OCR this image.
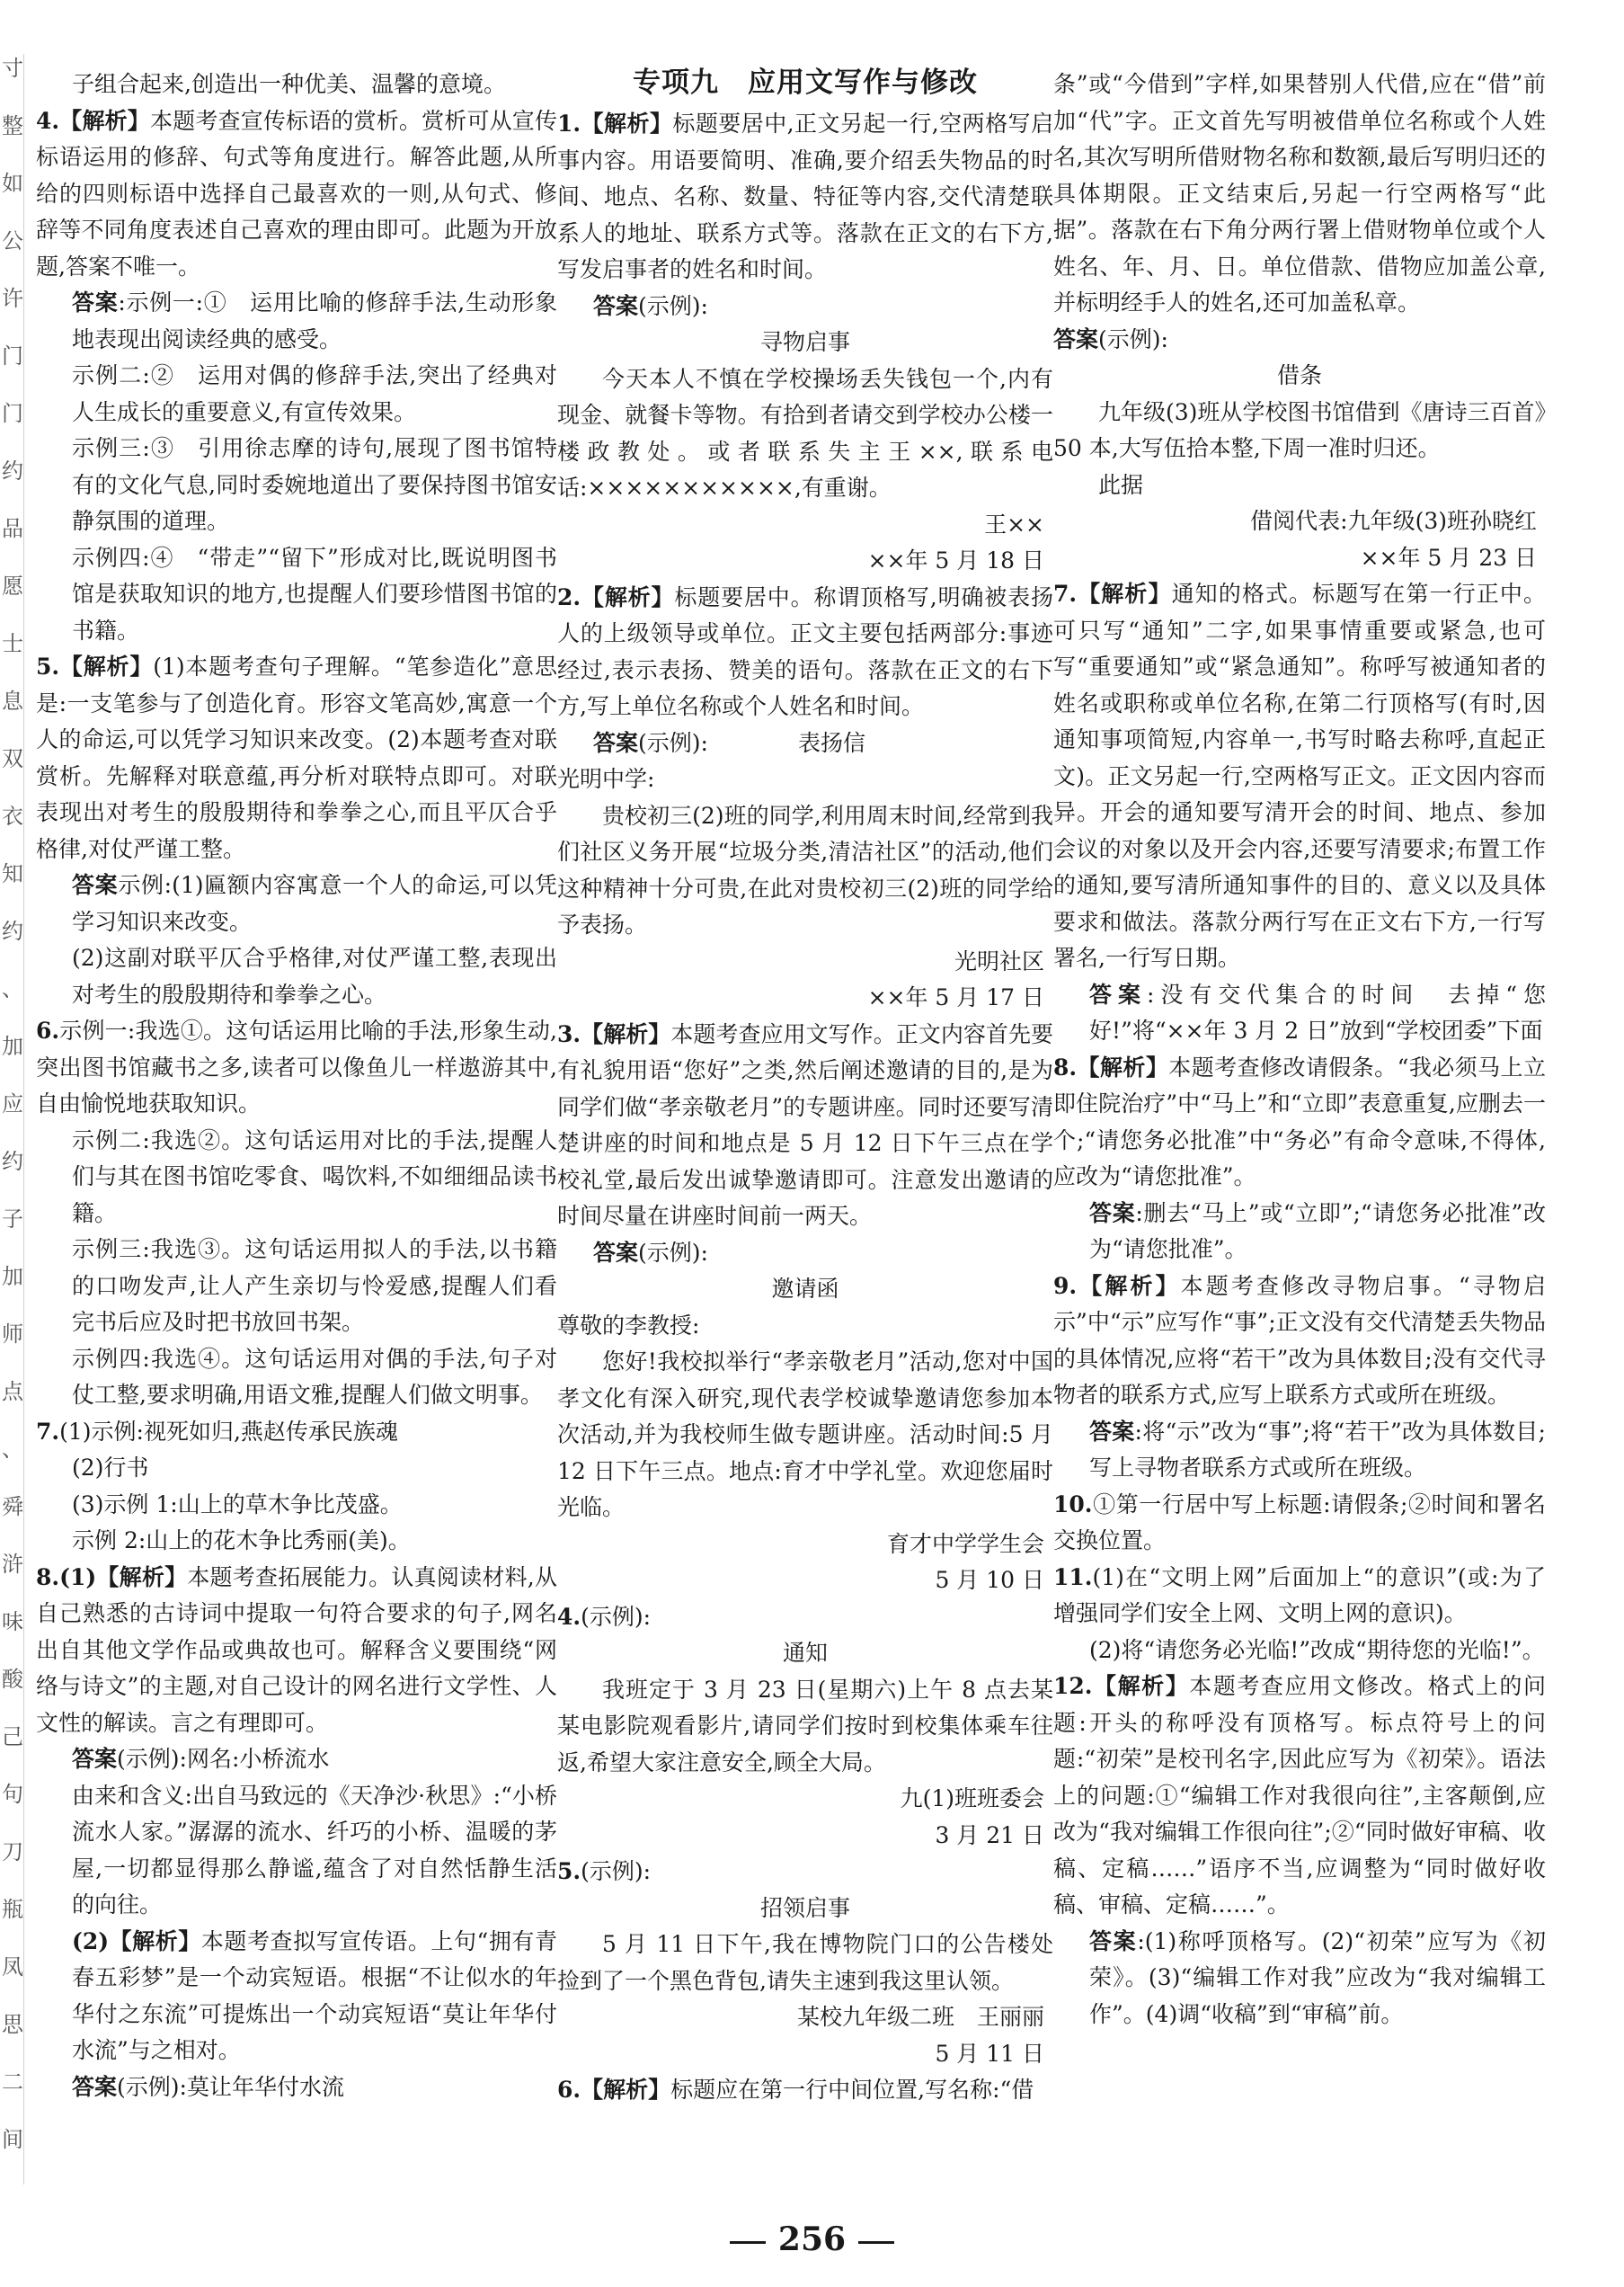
寸
整
如
公
许
门
门
约
品
愿
士
息
双
衣
知
约
、
加
应
约
子
加
师
点
、
舜
浒
味
酸
己
句
刀
瓶
凤
思
二
间
子组合起来,创造出一种优美、温馨的意境。
4.【解析】本题考查宣传标语的赏析。赏析可从宣传标语运用的修辞、句式等角度进行。解答此题,从所给的四则标语中选择自己最喜欢的一则,从句式、修辞等不同角度表述自己喜欢的理由即可。此题为开放题,答案不唯一。
答案:示例一:①　运用比喻的修辞手法,生动形象地表现出阅读经典的感受。
示例二:②　运用对偶的修辞手法,突出了经典对人生成长的重要意义,有宣传效果。
示例三:③　引用徐志摩的诗句,展现了图书馆特有的文化气息,同时委婉地道出了要保持图书馆安静氛围的道理。
示例四:④　“带走”“留下”形成对比,既说明图书馆是获取知识的地方,也提醒人们要珍惜图书馆的书籍。
5.【解析】(1)本题考查句子理解。“笔参造化”意思是:一支笔参与了创造化育。形容文笔高妙,寓意一个人的命运,可以凭学习知识来改变。(2)本题考查对联赏析。先解释对联意蕴,再分析对联特点即可。对联表现出对考生的殷殷期待和拳拳之心,而且平仄合乎格律,对仗严谨工整。
答案示例:(1)匾额内容寓意一个人的命运,可以凭学习知识来改变。
(2)这副对联平仄合乎格律,对仗严谨工整,表现出对考生的殷殷期待和拳拳之心。
6.示例一:我选①。这句话运用比喻的手法,形象生动,突出图书馆藏书之多,读者可以像鱼儿一样遨游其中,自由愉悦地获取知识。
示例二:我选②。这句话运用对比的手法,提醒人们与其在图书馆吃零食、喝饮料,不如细细品读书籍。
示例三:我选③。这句话运用拟人的手法,以书籍的口吻发声,让人产生亲切与怜爱感,提醒人们看完书后应及时把书放回书架。
示例四:我选④。这句话运用对偶的手法,句子对仗工整,要求明确,用语文雅,提醒人们做文明事。
7.(1)示例:视死如归,燕赵传承民族魂
(2)行书
(3)示例 1:山上的草木争比茂盛。
示例 2:山上的花木争比秀丽(美)。
8.(1)【解析】本题考查拓展能力。认真阅读材料,从自己熟悉的古诗词中提取一句符合要求的句子,网名出自其他文学作品或典故也可。解释含义要围绕“网络与诗文”的主题,对自己设计的网名进行文学性、人文性的解读。言之有理即可。
答案(示例):网名:小桥流水
由来和含义:出自马致远的《天净沙·秋思》:“小桥流水人家。”潺潺的流水、纤巧的小桥、温暖的茅屋,一切都显得那么静谧,蕴含了对自然恬静生活的向往。
(2)【解析】本题考查拟写宣传语。上句“拥有青春五彩梦”是一个动宾短语。根据“不让似水的年华付之东流”可提炼出一个动宾短语“莫让年华付水流”与之相对。
答案(示例):莫让年华付水流
专项九　应用文写作与修改
1.【解析】标题要居中,正文另起一行,空两格写启事内容。用语要简明、准确,要介绍丢失物品的时间、地点、名称、数量、特征等内容,交代清楚联系人的地址、联系方式等。落款在正文的右下方,写发启事者的姓名和时间。
答案(示例):
寻物启事
今天本人不慎在学校操场丢失钱包一个,内有现金、就餐卡等物。有拾到者请交到学校办公楼一楼政教处。或者联系失主王××,联系电话:×××××××××××,有重谢。
王××
××年 5 月 18 日
2.【解析】标题要居中。称谓顶格写,明确被表扬人的上级领导或单位。正文主要包括两部分:事迹经过,表示表扬、赞美的语句。落款在正文的右下方,写上单位名称或个人姓名和时间。
答案(示例):　　　　表扬信
光明中学:
贵校初三(2)班的同学,利用周末时间,经常到我们社区义务开展“垃圾分类,清洁社区”的活动,他们这种精神十分可贵,在此对贵校初三(2)班的同学给予表扬。
光明社区
××年 5 月 17 日
3.【解析】本题考查应用文写作。正文内容首先要有礼貌用语“您好”之类,然后阐述邀请的目的,是为同学们做“孝亲敬老月”的专题讲座。同时还要写清楚讲座的时间和地点是 5 月 12 日下午三点在学校礼堂,最后发出诚挚邀请即可。注意发出邀请的时间尽量在讲座时间前一两天。
答案(示例):
邀请函
尊敬的李教授:
您好!我校拟举行“孝亲敬老月”活动,您对中国孝文化有深入研究,现代表学校诚挚邀请您参加本次活动,并为我校师生做专题讲座。活动时间:5 月 12 日下午三点。地点:育才中学礼堂。欢迎您届时光临。
育才中学学生会
5 月 10 日
4.(示例):
通知
我班定于 3 月 23 日(星期六)上午 8 点去某某电影院观看影片,请同学们按时到校集体乘车往返,希望大家注意安全,顾全大局。
九(1)班班委会
3 月 21 日
5.(示例):
招领启事
5 月 11 日下午,我在博物院门口的公告楼处捡到了一个黑色背包,请失主速到我这里认领。
某校九年级二班　王丽丽
5 月 11 日
6.【解析】标题应在第一行中间位置,写名称:“借
条”或“今借到”字样,如果替别人代借,应在“借”前加“代”字。正文首先写明被借单位名称或个人姓名,其次写明所借财物名称和数额,最后写明归还的具体期限。正文结束后,另起一行空两格写“此据”。落款在右下角分两行署上借财物单位或个人姓名、年、月、日。单位借款、借物应加盖公章,并标明经手人的姓名,还可加盖私章。
答案(示例):
借条
九年级(3)班从学校图书馆借到《唐诗三百首》50 本,大写伍拾本整,下周一准时归还。
此据
借阅代表:九年级(3)班孙晓红
××年 5 月 23 日
7.【解析】通知的格式。标题写在第一行正中。可只写“通知”二字,如果事情重要或紧急,也可写“重要通知”或“紧急通知”。称呼写被通知者的姓名或职称或单位名称,在第二行顶格写(有时,因通知事项简短,内容单一,书写时略去称呼,直起正文)。正文另起一行,空两格写正文。正文因内容而异。开会的通知要写清开会的时间、地点、参加会议的对象以及开会内容,还要写清要求;布置工作的通知,要写清所通知事件的目的、意义以及具体要求和做法。落款分两行写在正文右下方,一行写署名,一行写日期。
答案:没有交代集合的时间　去掉“您好!”将“××年 3 月 2 日”放到“学校团委”下面
8.【解析】本题考查修改请假条。“我必须马上立即住院治疗”中“马上”和“立即”表意重复,应删去一个;“请您务必批准”中“务必”有命令意味,不得体,应改为“请您批准”。
答案:删去“马上”或“立即”;“请您务必批准”改为“请您批准”。
9.【解析】本题考查修改寻物启事。“寻物启示”中“示”应写作“事”;正文没有交代清楚丢失物品的具体情况,应将“若干”改为具体数目;没有交代寻物者的联系方式,应写上联系方式或所在班级。
答案:将“示”改为“事”;将“若干”改为具体数目;写上寻物者联系方式或所在班级。
10.①第一行居中写上标题:请假条;②时间和署名交换位置。
11.(1)在“文明上网”后面加上“的意识”(或:为了增强同学们安全上网、文明上网的意识)。
(2)将“请您务必光临!”改成“期待您的光临!”。
12.【解析】本题考查应用文修改。格式上的问题:开头的称呼没有顶格写。标点符号上的问题:“初荣”是校刊名字,因此应写为《初荣》。语法上的问题:①“编辑工作对我很向往”,主客颠倒,应改为“我对编辑工作很向往”;②“同时做好审稿、收稿、定稿……”语序不当,应调整为“同时做好收稿、审稿、定稿……”。
答案:(1)称呼顶格写。(2)“初荣”应写为《初荣》。(3)“编辑工作对我”应改为“我对编辑工作”。(4)调“收稿”到“审稿”前。
256
